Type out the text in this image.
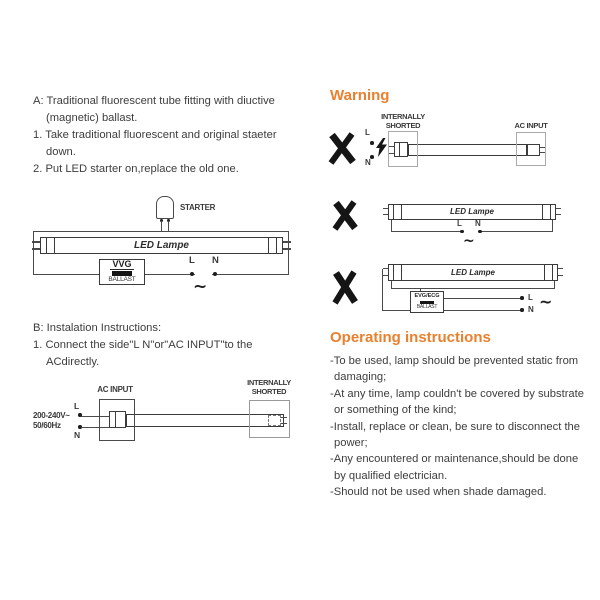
A: Traditional fluorescent tube fitting with diuctive
(magnetic) ballast.
1. Take traditional fluorescent and original staeter
down.
2. Put LED starter on,replace the old one.
STARTER
LED Lampe
VVG
BALLAST
L N
~
B: Instalation Instructions:
1. Connect the side"L N"or"AC INPUT"to the
ACdirectly.
AC INPUT
L
200-240V~
50/60Hz
N
INTERNALLY
SHORTED
Warning
L
N
INTERNALLY
SHORTED	AC INPUT
LED Lampe
L N
~
LED Lampe
EVG/ECG
BALLAST
L
N ~
Operating instructions
-To be used, lamp should be prevented static from
damaging;
-At any time, lamp couldn't be covered by substrate
or something of the kind;
-Install, replace or clean, be sure to disconnect the
power;
-Any encountered or maintenance,should be done
by qualified electrician.
-Should not be used when shade damaged.
